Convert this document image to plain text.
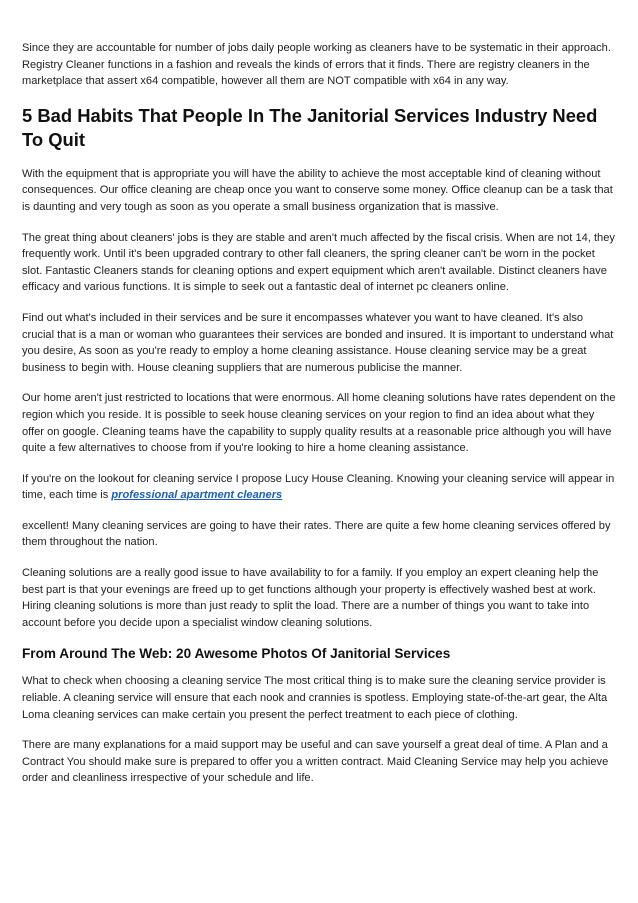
Since they are accountable for number of jobs daily people working as cleaners have to be systematic in their approach. Registry Cleaner functions in a fashion and reveals the kinds of errors that it finds. There are registry cleaners in the marketplace that assert x64 compatible, however all them are NOT compatible with x64 in any way.

5 Bad Habits That People In The Janitorial Services Industry Need To Quit

With the equipment that is appropriate you will have the ability to achieve the most acceptable kind of cleaning without consequences. Our office cleaning are cheap once you want to conserve some money. Office cleanup can be a task that is daunting and very tough as soon as you operate a small business organization that is massive.

The great thing about cleaners' jobs is they are stable and aren't much affected by the fiscal crisis. When are not 14, they frequently work. Until it's been upgraded contrary to other fall cleaners, the spring cleaner can't be worn in the pocket slot. Fantastic Cleaners stands for cleaning options and expert equipment which aren't available. Distinct cleaners have efficacy and various functions. It is simple to seek out a fantastic deal of internet pc cleaners online.

Find out what's included in their services and be sure it encompasses whatever you want to have cleaned. It's also crucial that is a man or woman who guarantees their services are bonded and insured. It is important to understand what you desire, As soon as you're ready to employ a home cleaning assistance. House cleaning service may be a great business to begin with. House cleaning suppliers that are numerous publicise the manner.

Our home aren't just restricted to locations that were enormous. All home cleaning solutions have rates dependent on the region which you reside. It is possible to seek house cleaning services on your region to find an idea about what they offer on google. Cleaning teams have the capability to supply quality results at a reasonable price although you will have quite a few alternatives to choose from if you're looking to hire a home cleaning assistance.

If you're on the lookout for cleaning service I propose Lucy House Cleaning. Knowing your cleaning service will appear in time, each time is professional apartment cleaners

excellent! Many cleaning services are going to have their rates. There are quite a few home cleaning services offered by them throughout the nation.

Cleaning solutions are a really good issue to have availability to for a family. If you employ an expert cleaning help the best part is that your evenings are freed up to get functions although your property is effectively washed best at work. Hiring cleaning solutions is more than just ready to split the load. There are a number of things you want to take into account before you decide upon a specialist window cleaning solutions.

From Around The Web: 20 Awesome Photos Of Janitorial Services

What to check when choosing a cleaning service The most critical thing is to make sure the cleaning service provider is reliable. A cleaning service will ensure that each nook and crannies is spotless. Employing state-of-the-art gear, the Alta Loma cleaning services can make certain you present the perfect treatment to each piece of clothing.

There are many explanations for a maid support may be useful and can save yourself a great deal of time. A Plan and a Contract You should make sure is prepared to offer you a written contract. Maid Cleaning Service may help you achieve order and cleanliness irrespective of your schedule and life.
